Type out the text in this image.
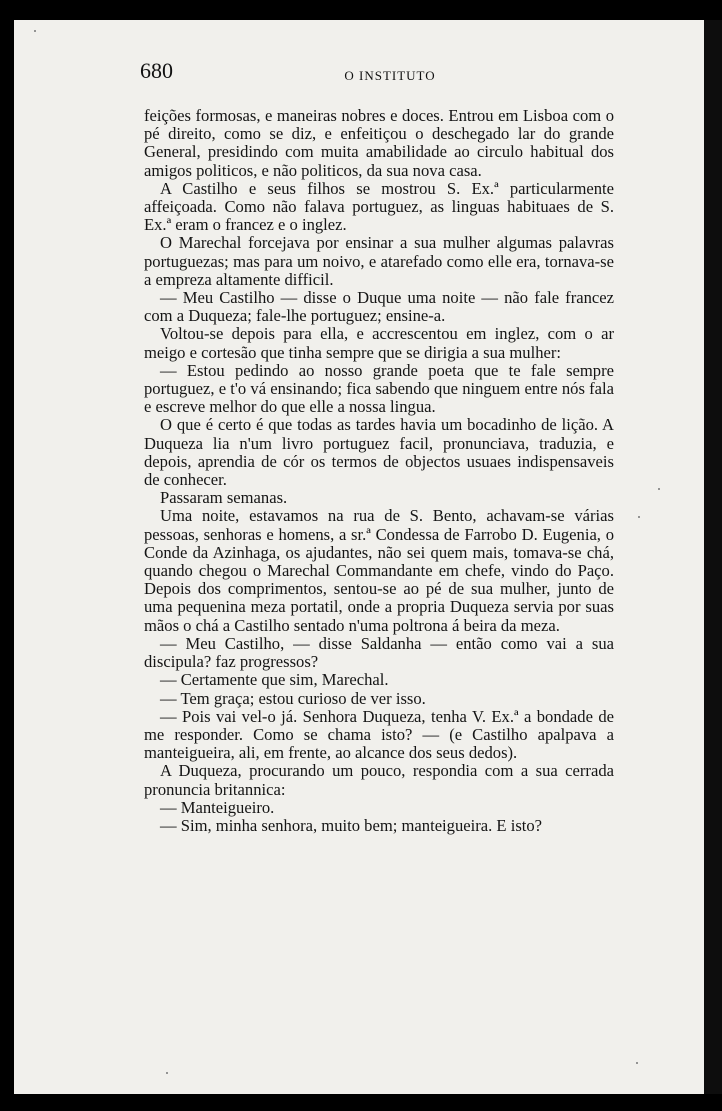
680	O INSTITUTO

feições formosas, e maneiras nobres e doces. Entrou em Lisboa com o pé direito, como se diz, e enfeitiçou o deschegado lar do grande General, presidindo com muita amabilidade ao circulo habitual dos amigos politicos, e não politicos, da sua nova casa.

A Castilho e seus filhos se mostrou S. Ex.ª particularmente affeiçoada. Como não falava portuguez, as linguas habituaes de S. Ex.ª eram o francez e o inglez.

O Marechal forcejava por ensinar a sua mulher algumas palavras portuguezas; mas para um noivo, e atarefado como elle era, tornava-se a empreza altamente difficil.

— Meu Castilho — disse o Duque uma noite — não fale francez com a Duqueza; fale-lhe portuguez; ensine-a.

Voltou-se depois para ella, e accrescentou em inglez, com o ar meigo e cortesão que tinha sempre que se dirigia a sua mulher:

— Estou pedindo ao nosso grande poeta que te fale sempre portuguez, e t'o vá ensinando; fica sabendo que ninguem entre nós fala e escreve melhor do que elle a nossa lingua.

O que é certo é que todas as tardes havia um bocadinho de lição. A Duqueza lia n'um livro portuguez facil, pronunciava, traduzia, e depois, aprendia de cór os termos de objectos usuaes indispensaveis de conhecer.

Passaram semanas.

Uma noite, estavamos na rua de S. Bento, achavam-se várias pessoas, senhoras e homens, a sr.ª Condessa de Farrobo D. Eugenia, o Conde da Azinhaga, os ajudantes, não sei quem mais, tomava-se chá, quando chegou o Marechal Commandante em chefe, vindo do Paço. Depois dos comprimentos, sentou-se ao pé de sua mulher, junto de uma pequenina meza portatil, onde a propria Duqueza servia por suas mãos o chá a Castilho sentado n'uma poltrona á beira da meza.

— Meu Castilho, — disse Saldanha — então como vai a sua discipula? faz progressos?

— Certamente que sim, Marechal.

— Tem graça; estou curioso de ver isso.

— Pois vai vel-o já. Senhora Duqueza, tenha V. Ex.ª a bondade de me responder. Como se chama isto? — (e Castilho apalpava a manteigueira, ali, em frente, ao alcance dos seus dedos).

A Duqueza, procurando um pouco, respondia com a sua cerrada pronuncia britannica:

— Manteigueiro.

— Sim, minha senhora, muito bem; manteigueira. E isto?
